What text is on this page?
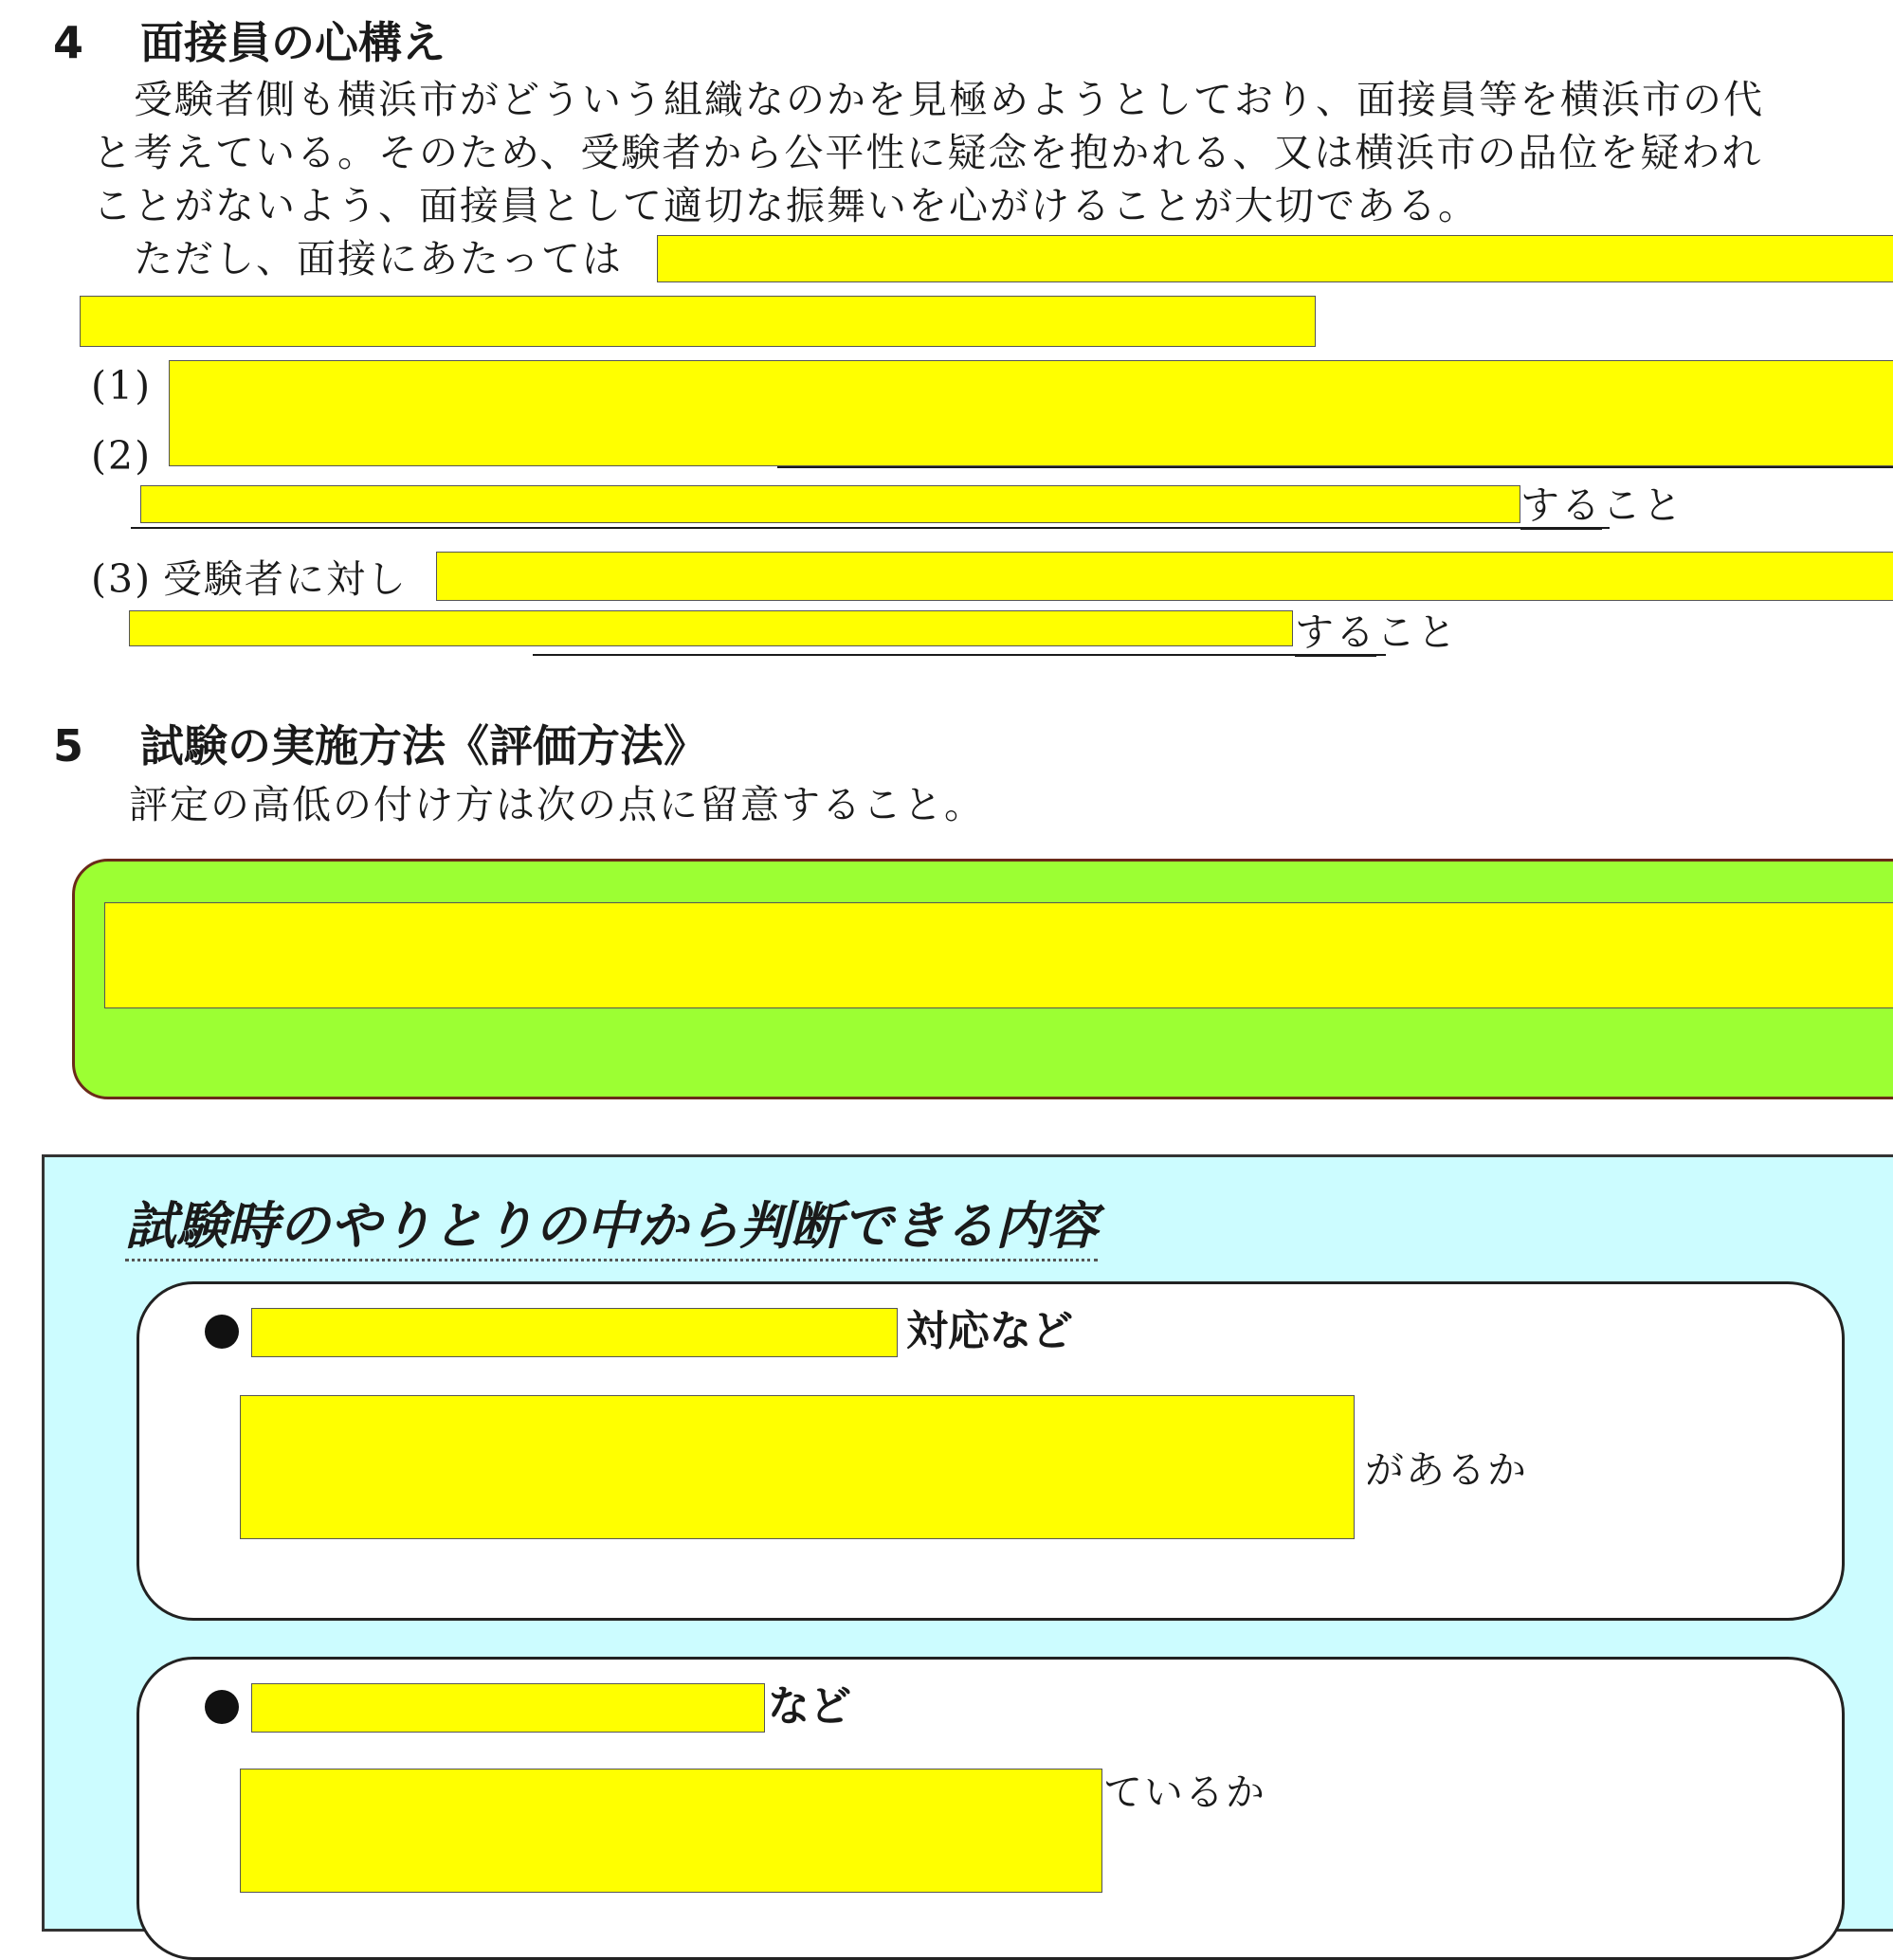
4 面接員の心構え
　受験者側も横浜市がどういう組織なのかを見極めようとしており、面接員等を横浜市の代
と考えている。そのため、受験者から公平性に疑念を抱かれる、又は横浜市の品位を疑われ
ことがないよう、面接員として適切な振舞いを心がけることが大切である。
　ただし、面接にあたっては
(1)
(2)
すること
(3) 受験者に対し
すること
5 試験の実施方法《評価方法》
評定の高低の付け方は次の点に留意すること。
試験時のやりとりの中から判断できる内容
対応など
があるか
など
ているか
